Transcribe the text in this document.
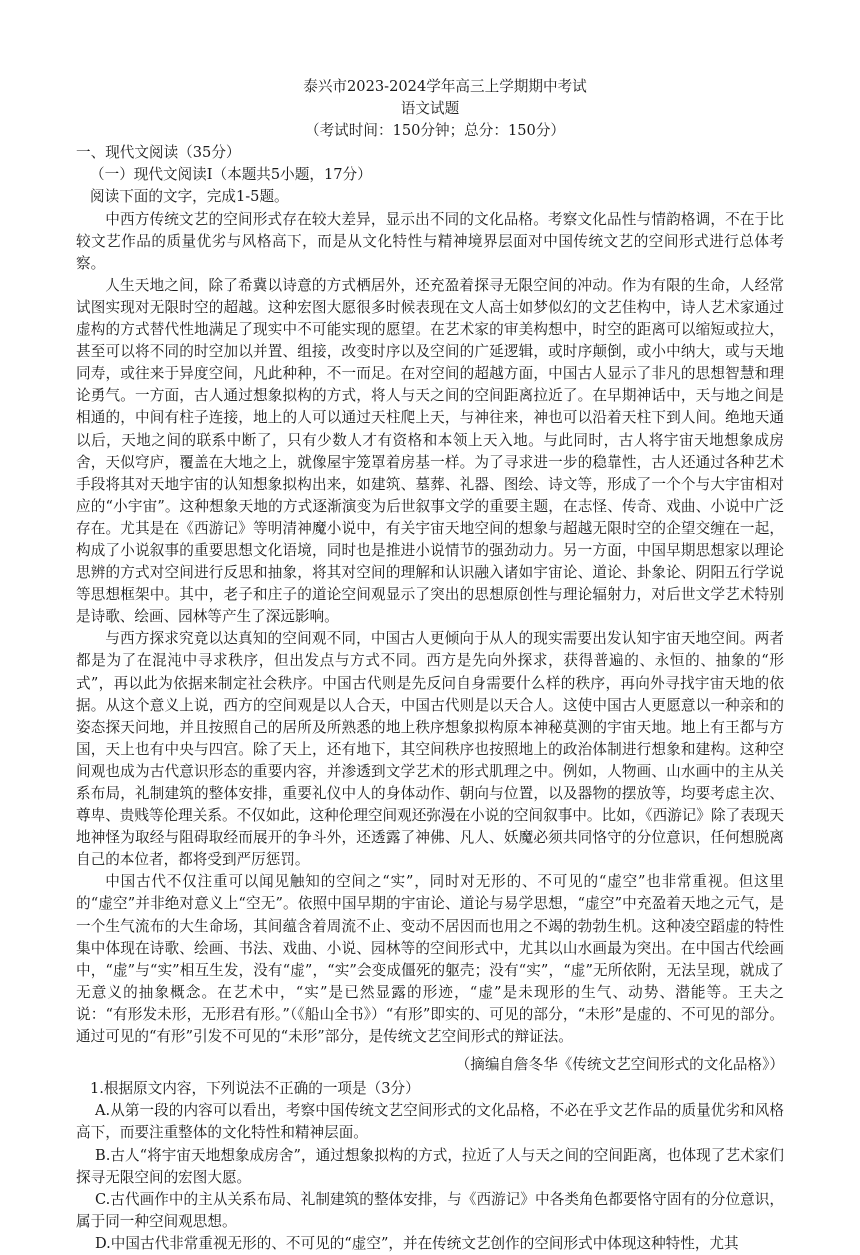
泰兴市2023-2024学年高三上学期期中考试

语文试题

（考试时间：150分钟；总分：150分）

一、现代文阅读（35分）

（一）现代文阅读Ⅰ（本题共5小题，17分）

阅读下面的文字，完成1-5题。

中西方传统文艺的空间形式存在较大差异，显示出不同的文化品格。考察文化品性与情韵格调，不在于比较文艺作品的质量优劣与风格高下，而是从文化特性与精神境界层面对中国传统文艺的空间形式进行总体考察。

人生天地之间，除了希冀以诗意的方式栖居外，还充盈着探寻无限空间的冲动。作为有限的生命，人经常试图实现对无限时空的超越。这种宏图大愿很多时候表现在文人高士如梦似幻的文艺佳构中，诗人艺术家通过虚构的方式替代性地满足了现实中不可能实现的愿望。在艺术家的审美构想中，时空的距离可以缩短或拉大，甚至可以将不同的时空加以并置、组接，改变时序以及空间的广延逻辑，或时序颠倒，或小中纳大，或与天地同寿，或往来于异度空间，凡此种种，不一而足。在对空间的超越方面，中国古人显示了非凡的思想智慧和理论勇气。一方面，古人通过想象拟构的方式，将人与天之间的空间距离拉近了。在早期神话中，天与地之间是相通的，中间有柱子连接，地上的人可以通过天柱爬上天，与神往来，神也可以沿着天柱下到人间。绝地天通以后，天地之间的联系中断了，只有少数人才有资格和本领上天入地。与此同时，古人将宇宙天地想象成房舍，天似穹庐，覆盖在大地之上，就像屋宇笼罩着房基一样。为了寻求进一步的稳靠性，古人还通过各种艺术手段将其对天地宇宙的认知想象拟构出来，如建筑、墓葬、礼器、图绘、诗文等，形成了一个个与大宇宙相对应的“小宇宙”。这种想象天地的方式逐渐演变为后世叙事文学的重要主题，在志怪、传奇、戏曲、小说中广泛存在。尤其是在《西游记》等明清神魔小说中，有关宇宙天地空间的想象与超越无限时空的企望交缠在一起，构成了小说叙事的重要思想文化语境，同时也是推进小说情节的强劲动力。另一方面，中国早期思想家以理论思辨的方式对空间进行反思和抽象，将其对空间的理解和认识融入诸如宇宙论、道论、卦象论、阴阳五行学说等思想框架中。其中，老子和庄子的道论空间观显示了突出的思想原创性与理论辐射力，对后世文学艺术特别是诗歌、绘画、园林等产生了深远影响。

与西方探求究竟以达真知的空间观不同，中国古人更倾向于从人的现实需要出发认知宇宙天地空间。两者都是为了在混沌中寻求秩序，但出发点与方式不同。西方是先向外探求，获得普遍的、永恒的、抽象的“形式”，再以此为依据来制定社会秩序。中国古代则是先反问自身需要什么样的秩序，再向外寻找宇宙天地的依据。从这个意义上说，西方的空间观是以人合天，中国古代则是以天合人。这使中国古人更愿意以一种亲和的姿态探天问地，并且按照自己的居所及所熟悉的地上秩序想象拟构原本神秘莫测的宇宙天地。地上有王都与方国，天上也有中央与四宫。除了天上，还有地下，其空间秩序也按照地上的政治体制进行想象和建构。这种空间观也成为古代意识形态的重要内容，并渗透到文学艺术的形式肌理之中。例如，人物画、山水画中的主从关系布局，礼制建筑的整体安排，重要礼仪中人的身体动作、朝向与位置，以及器物的摆放等，均要考虑主次、尊卑、贵贱等伦理关系。不仅如此，这种伦理空间观还弥漫在小说的空间叙事中。比如，《西游记》除了表现天地神怪为取经与阻碍取经而展开的争斗外，还透露了神佛、凡人、妖魔必须共同恪守的分位意识，任何想脱离自己的本位者，都将受到严厉惩罚。

中国古代不仅注重可以闻见触知的空间之“实”，同时对无形的、不可见的“虚空”也非常重视。但这里的“虚空”并非绝对意义上“空无”。依照中国早期的宇宙论、道论与易学思想，“虚空”中充盈着天地之元气，是一个生气流布的大生命场，其间蕴含着周流不止、变动不居因而也用之不竭的勃勃生机。这种凌空蹈虚的特性集中体现在诗歌、绘画、书法、戏曲、小说、园林等的空间形式中，尤其以山水画最为突出。在中国古代绘画中，“虚”与“实”相互生发，没有“虚”，“实”会变成僵死的躯壳；没有“实”，“虚”无所依附，无法呈现，就成了无意义的抽象概念。在艺术中，“实”是已然显露的形迹，“虚”是未现形的生气、动势、潜能等。王夫之说：“有形发未形，无形君有形。”（《船山全书》）“有形”即实的、可见的部分，“未形”是虚的、不可见的部分。通过可见的“有形”引发不可见的“未形”部分，是传统文艺空间形式的辩证法。

（摘编自詹冬华《传统文艺空间形式的文化品格》）

1.根据原文内容，下列说法不正确的一项是（3分）

A.从第一段的内容可以看出，考察中国传统文艺空间形式的文化品格，不必在乎文艺作品的质量优劣和风格高下，而要注重整体的文化特性和精神层面。

B.古人“将宇宙天地想象成房舍”，通过想象拟构的方式，拉近了人与天之间的空间距离，也体现了艺术家们探寻无限空间的宏图大愿。

C.古代画作中的主从关系布局、礼制建筑的整体安排，与《西游记》中各类角色都要恪守固有的分位意识，属于同一种空间观思想。

D.中国古代非常重视无形的、不可见的“虚空”，并在传统文艺创作的空间形式中体现这种特性，尤其
